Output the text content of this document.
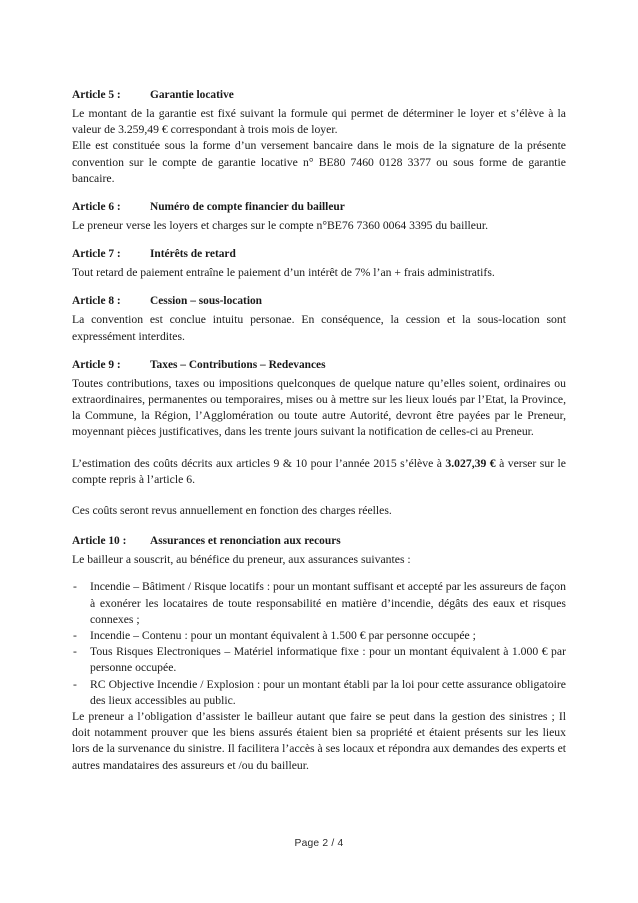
Article 5 :	Garantie locative

Le montant de la garantie est fixé suivant la formule qui permet de déterminer le loyer et s’élève à la valeur de 3.259,49 € correspondant à trois mois de loyer.

Elle est constituée sous la forme d’un versement bancaire dans le mois de la signature de la présente convention sur le compte de garantie locative n° BE80 7460 0128 3377 ou sous forme de garantie bancaire.

Article 6 :	Numéro de compte financier du bailleur

Le preneur verse les loyers et charges sur le compte n°BE76 7360 0064 3395 du bailleur.

Article 7 :	Intérêts de retard

Tout retard de paiement entraîne le paiement d’un intérêt de 7% l’an + frais administratifs.

Article 8 :	Cession – sous-location

La convention est conclue intuitu personae. En conséquence, la cession et la sous-location sont expressément interdites.

Article 9 :	Taxes – Contributions – Redevances

Toutes contributions, taxes ou impositions quelconques de quelque nature qu’elles soient, ordinaires ou extraordinaires, permanentes ou temporaires, mises ou à mettre sur les lieux loués par l’Etat, la Province, la Commune, la Région, l’Agglomération ou toute autre Autorité, devront être payées par le Preneur, moyennant pièces justificatives, dans les trente jours suivant la notification de celles-ci au Preneur.

L’estimation des coûts décrits aux articles 9 & 10 pour l’année 2015 s’élève à 3.027,39 € à verser sur le compte repris à l’article 6.

Ces coûts seront revus annuellement en fonction des charges réelles.

Article 10 : Assurances et renonciation aux recours

Le bailleur a souscrit, au bénéfice du preneur, aux assurances suivantes :

- Incendie – Bâtiment / Risque locatifs : pour un montant suffisant et accepté par les assureurs de façon à exonérer les locataires de toute responsabilité en matière d’incendie, dégâts des eaux et risques connexes ;
- Incendie – Contenu : pour un montant équivalent à 1.500 € par personne occupée ;
- Tous Risques Electroniques – Matériel informatique fixe : pour un montant équivalent à 1.000 € par personne occupée.
- RC Objective Incendie / Explosion : pour un montant établi par la loi pour cette assurance obligatoire des lieux accessibles au public.

Le preneur a l’obligation d’assister le bailleur autant que faire se peut dans la gestion des sinistres ; Il doit notamment prouver que les biens assurés étaient bien sa propriété et étaient présents sur les lieux lors de la survenance du sinistre. Il facilitera l’accès à ses locaux et répondra aux demandes des experts et autres mandataires des assureurs et /ou du bailleur.

Page 2 / 4
